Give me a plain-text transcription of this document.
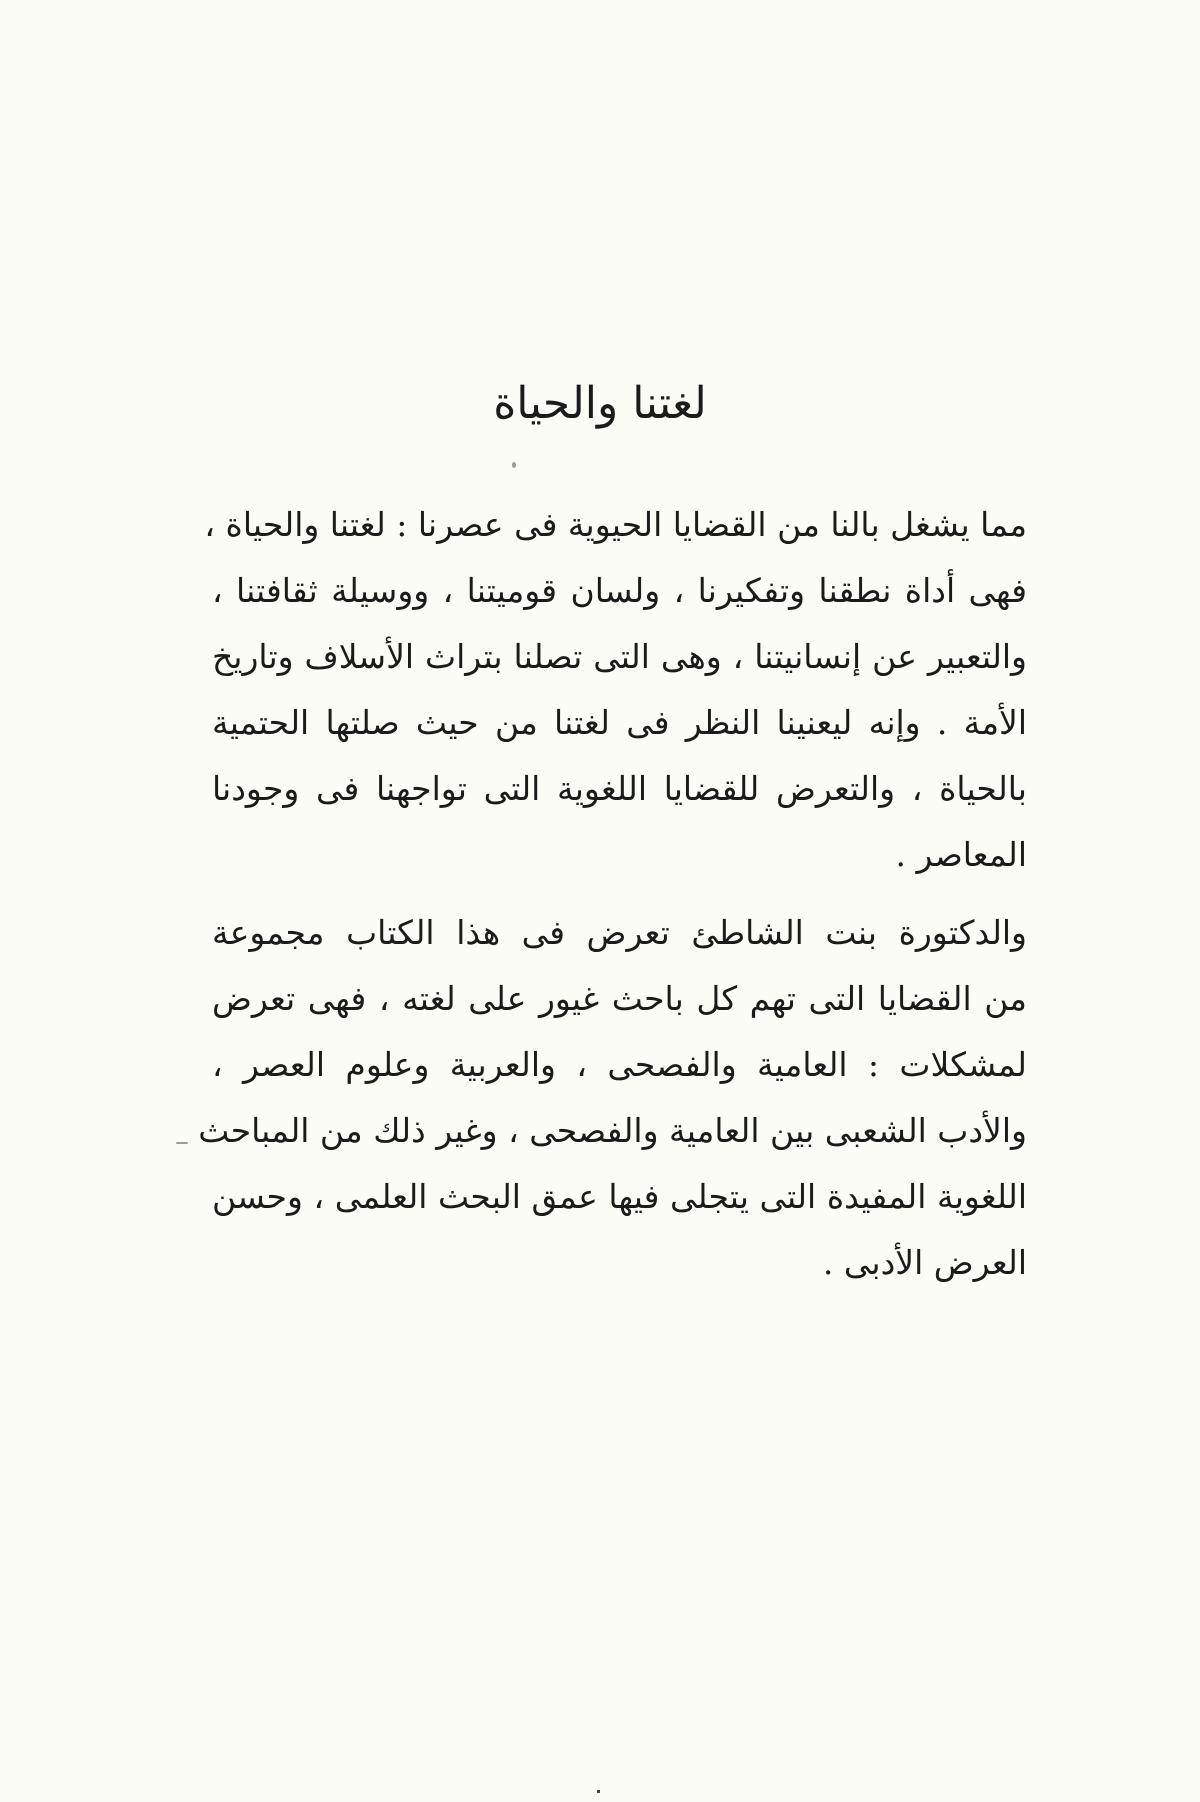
لغتنا والحياة
مما يشغل بالنا من القضايا الحيوية فى عصرنا : لغتنا والحياة ،
فهى أداة نطقنا وتفكيرنا ، ولسان قوميتنا ، ووسيلة ثقافتنا ،
والتعبير عن إنسانيتنا ، وهى التى تصلنا بتراث الأسلاف وتاريخ
الأمة . وإنه ليعنينا النظر فى لغتنا من حيث صلتها الحتمية
بالحياة ، والتعرض للقضايا اللغوية التى تواجهنا فى وجودنا
المعاصر .
والدكتورة بنت الشاطئ تعرض فى هذا الكتاب مجموعة
من القضايا التى تهم كل باحث غيور على لغته ، فهى تعرض
لمشكلات : العامية والفصحى ، والعربية وعلوم العصر ،
والأدب الشعبى بين العامية والفصحى ، وغير ذلك من المباحث
اللغوية المفيدة التى يتجلى فيها عمق البحث العلمى ، وحسن
العرض الأدبى .
